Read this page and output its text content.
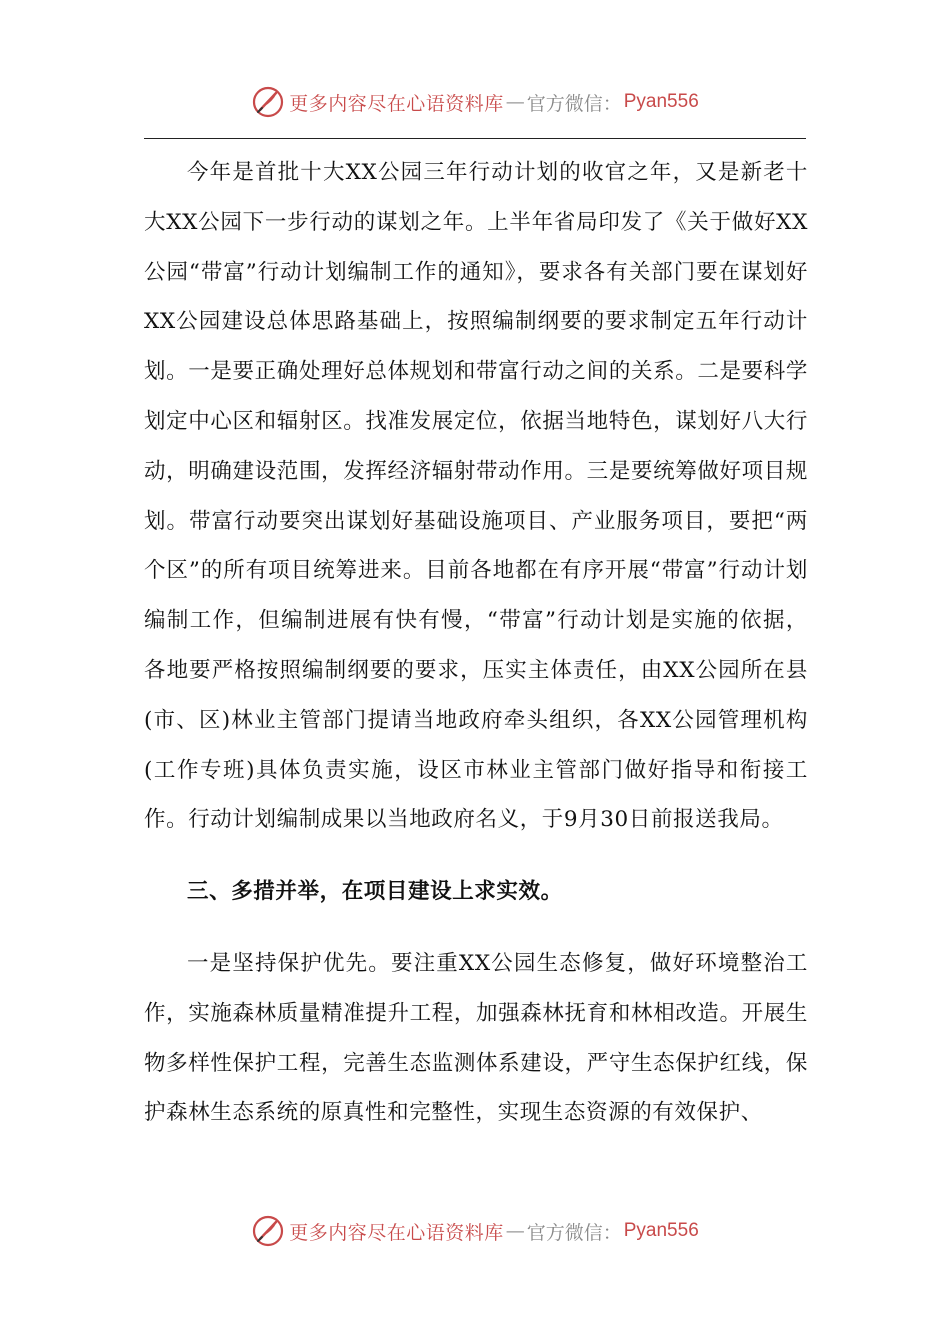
更多内容尽在心语资料库 — 官方微信： Pyan556

今年是首批十大XX公园三年行动计划的收官之年，又是新老十大XX公园下一步行动的谋划之年。上半年省局印发了《关于做好XX公园“带富”行动计划编制工作的通知》，要求各有关部门要在谋划好XX公园建设总体思路基础上，按照编制纲要的要求制定五年行动计划。一是要正确处理好总体规划和带富行动之间的关系。二是要科学划定中心区和辐射区。找准发展定位，依据当地特色，谋划好八大行动，明确建设范围，发挥经济辐射带动作用。三是要统筹做好项目规划。带富行动要突出谋划好基础设施项目、产业服务项目，要把“两个区”的所有项目统筹进来。目前各地都在有序开展“带富”行动计划编制工作，但编制进展有快有慢，“带富”行动计划是实施的依据，各地要严格按照编制纲要的要求，压实主体责任，由XX公园所在县(市、区)林业主管部门提请当地政府牵头组织，各XX公园管理机构(工作专班)具体负责实施，设区市林业主管部门做好指导和衔接工作。行动计划编制成果以当地政府名义，于9月30日前报送我局。

三、多措并举，在项目建设上求实效。

一是坚持保护优先。要注重XX公园生态修复，做好环境整治工作，实施森林质量精准提升工程，加强森林抚育和林相改造。开展生物多样性保护工程，完善生态监测体系建设，严守生态保护红线，保护森林生态系统的原真性和完整性，实现生态资源的有效保护、

更多内容尽在心语资料库 — 官方微信： Pyan556
